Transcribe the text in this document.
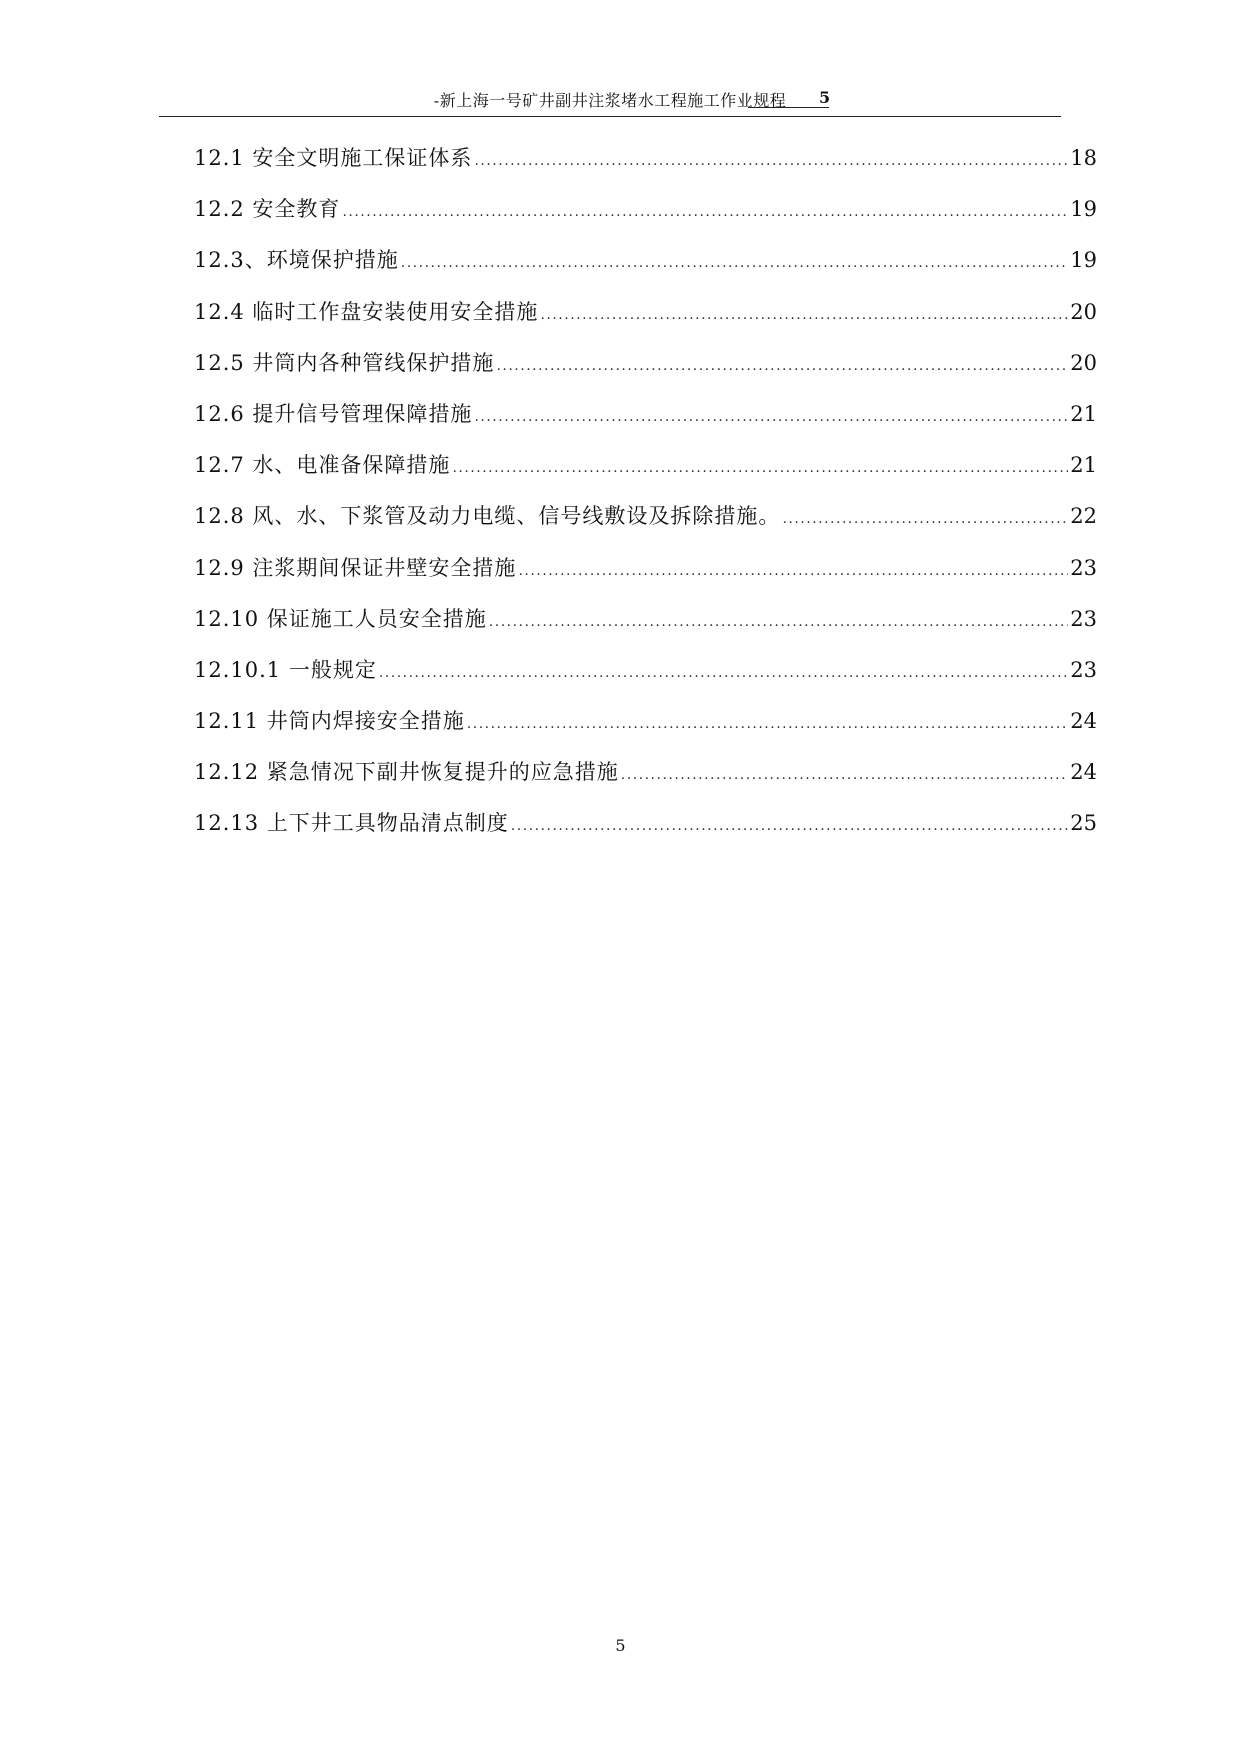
-新上海一号矿井副井注浆堵水工程施工作业规程	5
12.1 安全文明施工保证体系 .....	18
12.2 安全教育 .....	19
12.3、环境保护措施 .....	19
12.4 临时工作盘安装使用安全措施 .....	20
12.5 井筒内各种管线保护措施 .....	20
12.6 提升信号管理保障措施 .....	21
12.7 水、电准备保障措施 .....	21
12.8 风、水、下浆管及动力电缆、信号线敷设及拆除措施。 .....	22
12.9 注浆期间保证井壁安全措施 .....	23
12.10 保证施工人员安全措施 .....	23
12.10.1 一般规定 .....	23
12.11 井筒内焊接安全措施 .....	24
12.12 紧急情况下副井恢复提升的应急措施 .....	24
12.13 上下井工具物品清点制度 .....	25
5
